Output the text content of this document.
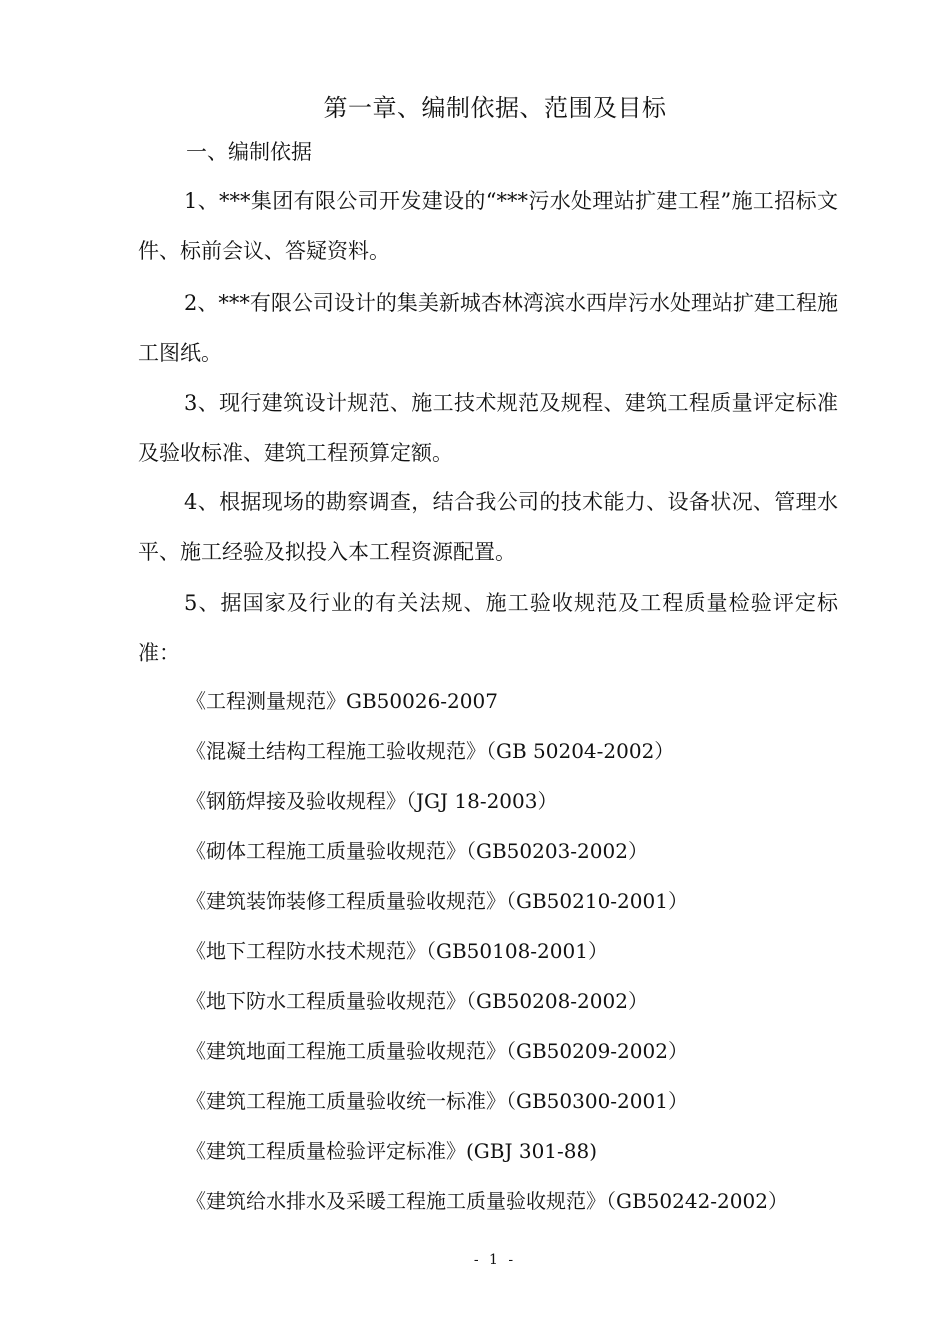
第一章、编制依据、范围及目标
一、编制依据

1、***集团有限公司开发建设的“***污水处理站扩建工程”施工招标文件、标前会议、答疑资料。

2、***有限公司设计的集美新城杏林湾滨水西岸污水处理站扩建工程施工图纸。

3、现行建筑设计规范、施工技术规范及规程、建筑工程质量评定标准及验收标准、建筑工程预算定额。

4、根据现场的勘察调查，结合我公司的技术能力、设备状况、管理水平、施工经验及拟投入本工程资源配置。

5、据国家及行业的有关法规、施工验收规范及工程质量检验评定标准：

《工程测量规范》GB50026-2007
《混凝土结构工程施工验收规范》（GB 50204-2002）
《钢筋焊接及验收规程》（JGJ 18-2003）
《砌体工程施工质量验收规范》（GB50203-2002）
《建筑装饰装修工程质量验收规范》（GB50210-2001）
《地下工程防水技术规范》（GB50108-2001）
《地下防水工程质量验收规范》（GB50208-2002）
《建筑地面工程施工质量验收规范》（GB50209-2002）
《建筑工程施工质量验收统一标准》（GB50300-2001）
《建筑工程质量检验评定标准》(GBJ 301-88)
《建筑给水排水及采暖工程施工质量验收规范》（GB50242-2002）
- 1 -
